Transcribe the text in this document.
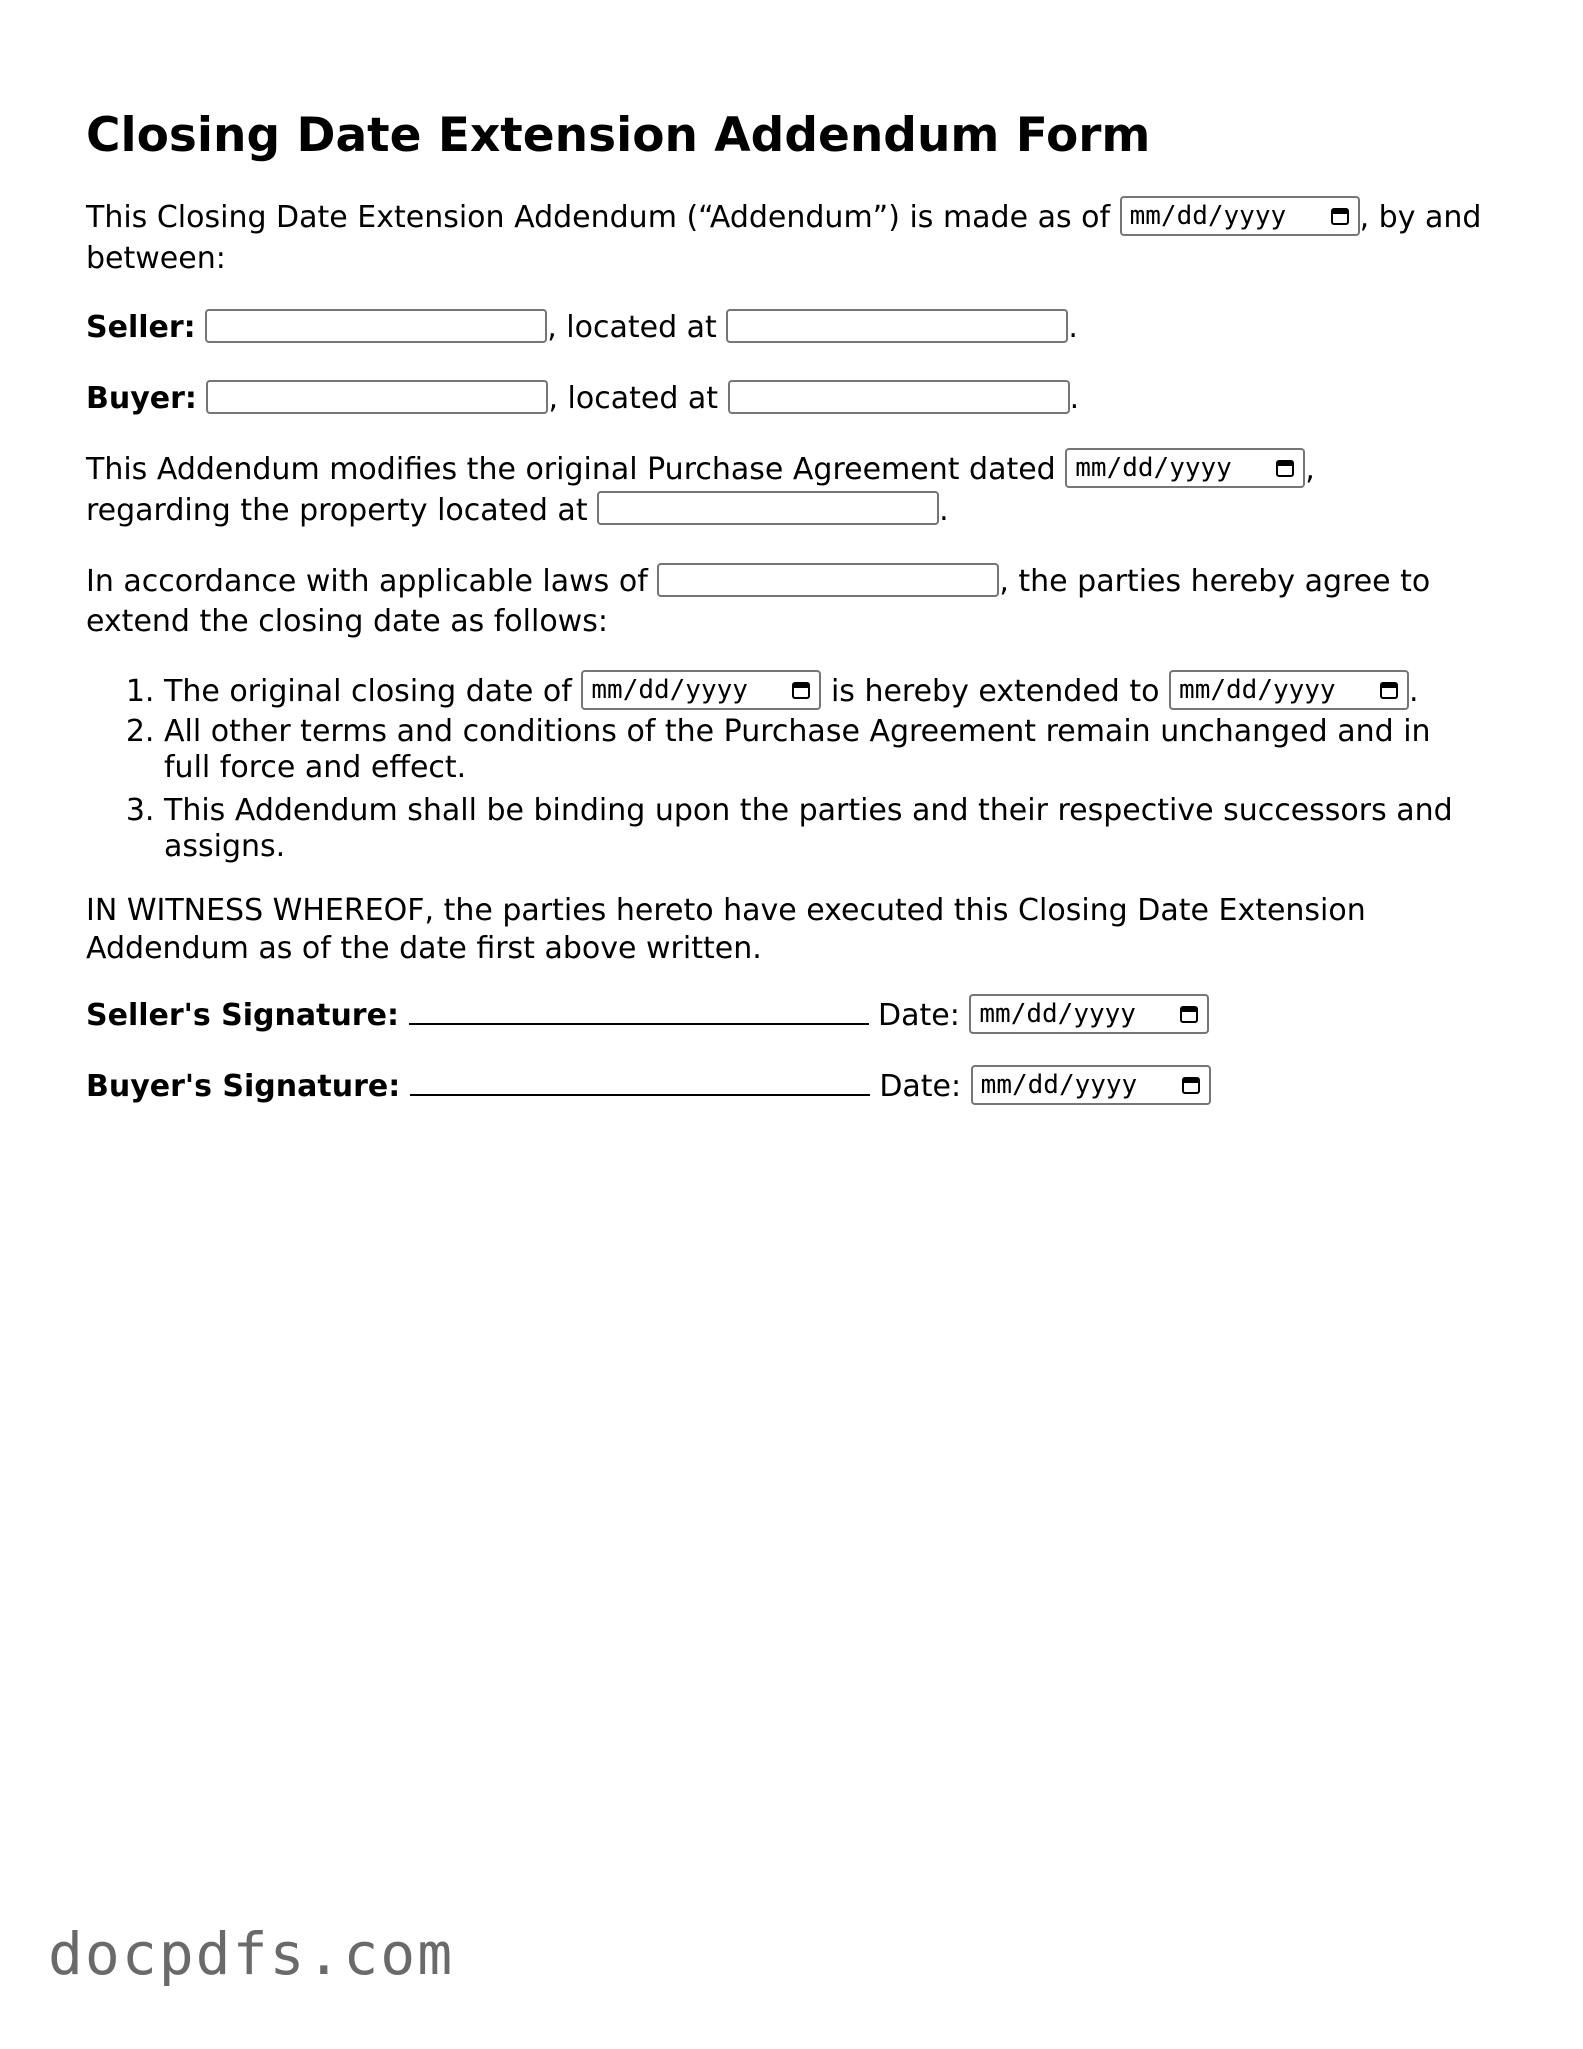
Closing Date Extension Addendum Form

This Closing Date Extension Addendum (“Addendum”) is made as of mm/dd/yyyy , by and between:

Seller:	, located at	.

Buyer:	, located at	.

This Addendum modifies the original Purchase Agreement dated mm/dd/yyyy ,
regarding the property located at	.

In accordance with applicable laws of	, the parties hereby agree to extend the closing date as follows:

1. The original closing date of mm/dd/yyyy	is hereby extended to mm/dd/yyyy .
2. All other terms and conditions of the Purchase Agreement remain unchanged and in full force and effect.
3. This Addendum shall be binding upon the parties and their respective successors and assigns.

IN WITNESS WHEREOF, the parties hereto have executed this Closing Date Extension Addendum as of the date first above written.

Seller's Signature:	Date: mm/dd/yyyy

Buyer's Signature:	Date: mm/dd/yyyy

docpdfs.com
